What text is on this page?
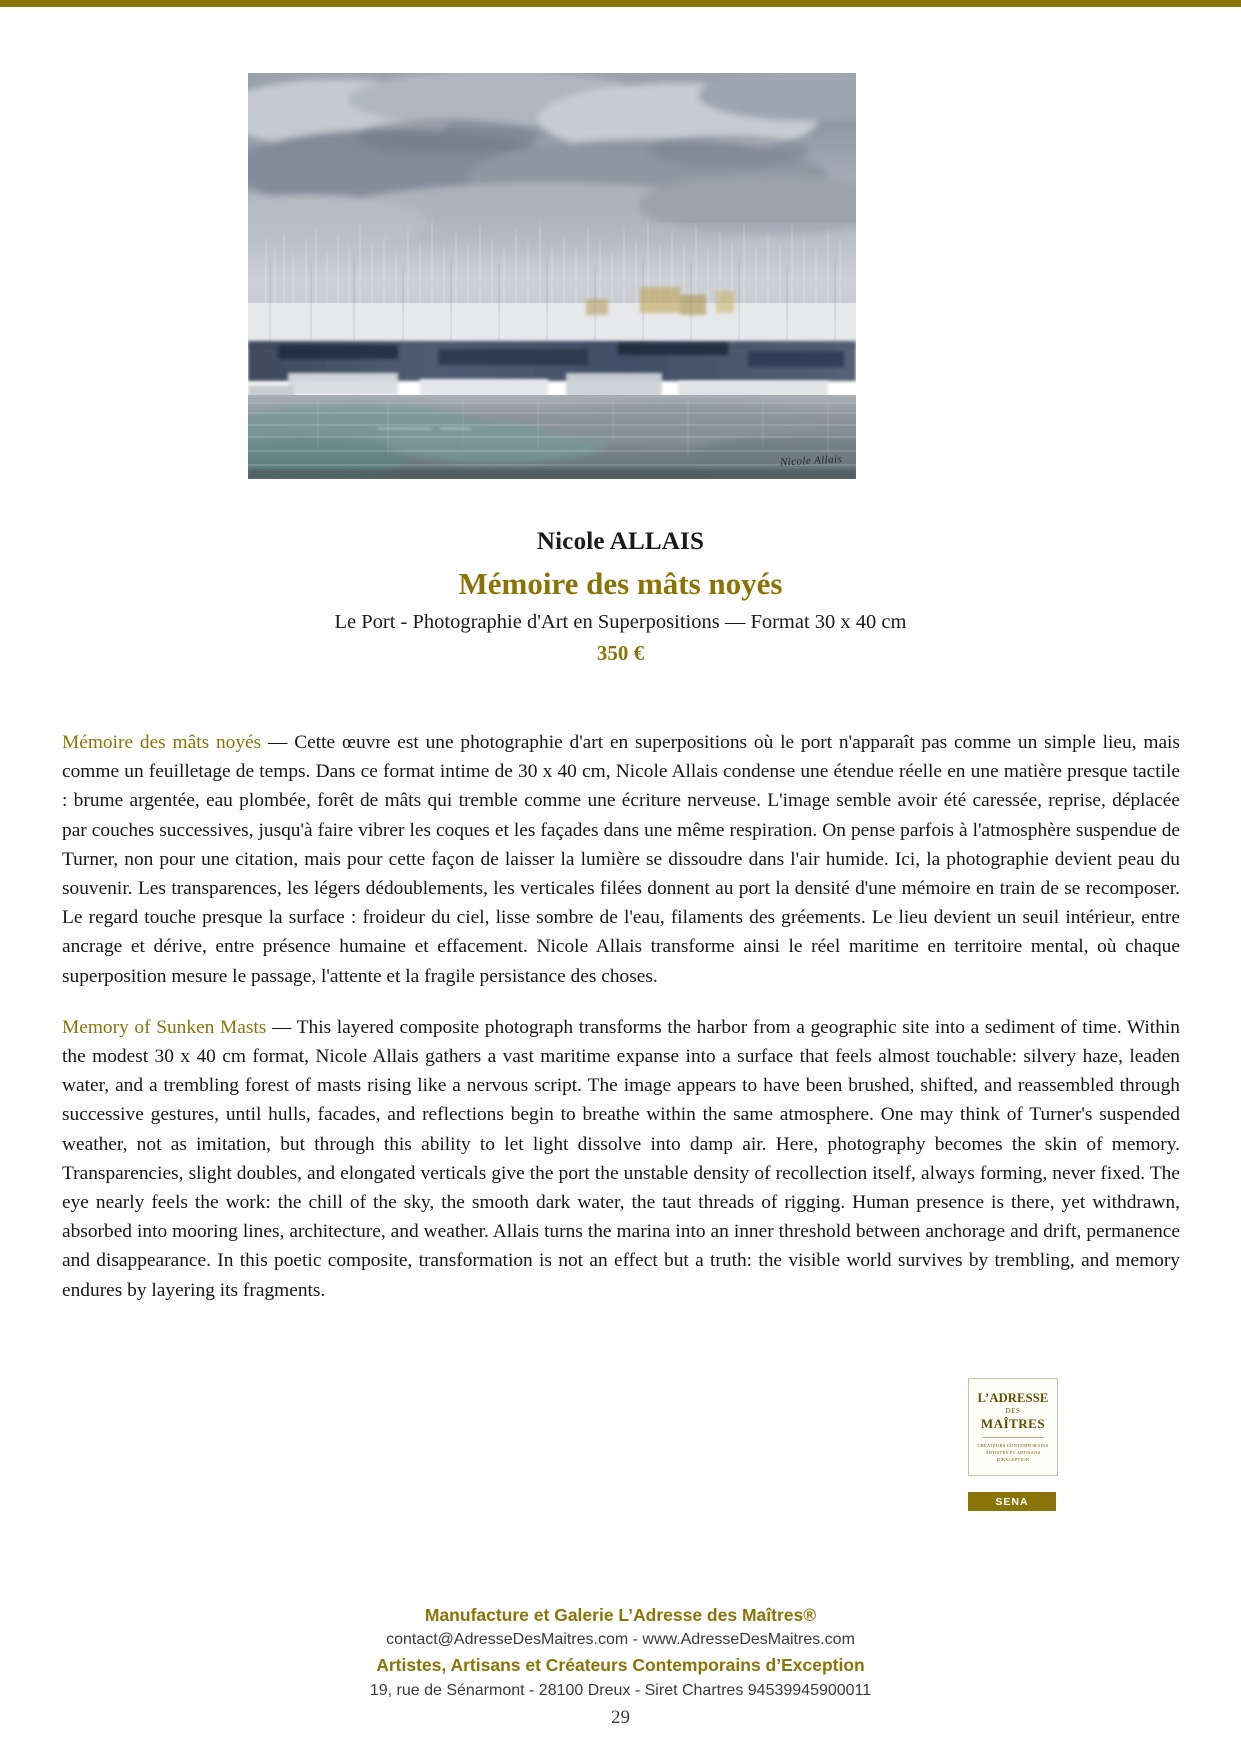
Nicole Allais
Nicole ALLAIS
Mémoire des mâts noyés
Le Port - Photographie d'Art en Superpositions — Format 30 x 40 cm
350 €

Mémoire des mâts noyés — Cette œuvre est une photographie d'art en superpositions où le port n'apparaît pas comme un simple lieu, mais comme un feuilletage de temps. Dans ce format intime de 30 x 40 cm, Nicole Allais condense une étendue réelle en une matière presque tactile : brume argentée, eau plombée, forêt de mâts qui tremble comme une écriture nerveuse. L'image semble avoir été caressée, reprise, déplacée par couches successives, jusqu'à faire vibrer les coques et les façades dans une même respiration. On pense parfois à l'atmosphère suspendue de Turner, non pour une citation, mais pour cette façon de laisser la lumière se dissoudre dans l'air humide. Ici, la photographie devient peau du souvenir. Les transparences, les légers dédoublements, les verticales filées donnent au port la densité d'une mémoire en train de se recomposer. Le regard touche presque la surface : froideur du ciel, lisse sombre de l'eau, filaments des gréements. Le lieu devient un seuil intérieur, entre ancrage et dérive, entre présence humaine et effacement. Nicole Allais transforme ainsi le réel maritime en territoire mental, où chaque superposition mesure le passage, l'attente et la fragile persistance des choses.

Memory of Sunken Masts — This layered composite photograph transforms the harbor from a geographic site into a sediment of time. Within the modest 30 x 40 cm format, Nicole Allais gathers a vast maritime expanse into a surface that feels almost touchable: silvery haze, leaden water, and a trembling forest of masts rising like a nervous script. The image appears to have been brushed, shifted, and reassembled through successive gestures, until hulls, facades, and reflections begin to breathe within the same atmosphere. One may think of Turner's suspended weather, not as imitation, but through this ability to let light dissolve into damp air. Here, photography becomes the skin of memory. Transparencies, slight doubles, and elongated verticals give the port the unstable density of recollection itself, always forming, never fixed. The eye nearly feels the work: the chill of the sky, the smooth dark water, the taut threads of rigging. Human presence is there, yet withdrawn, absorbed into mooring lines, architecture, and weather. Allais turns the marina into an inner threshold between anchorage and drift, permanence and disappearance. In this poetic composite, transformation is not an effect but a truth: the visible world survives by trembling, and memory endures by layering its fragments.

L’ADRESSE
DES
MAÎTRES
CRÉATEURS CONTEMPORAINS
ARTISTES ET ARTISANS
D’EXCEPTION
SENA
Manufacture et Galerie L’Adresse des Maîtres®
contact@AdresseDesMaitres.com - www.AdresseDesMaitres.com
Artistes, Artisans et Créateurs Contemporains d’Exception
19, rue de Sénarmont - 28100 Dreux - Siret Chartres 94539945900011
29
